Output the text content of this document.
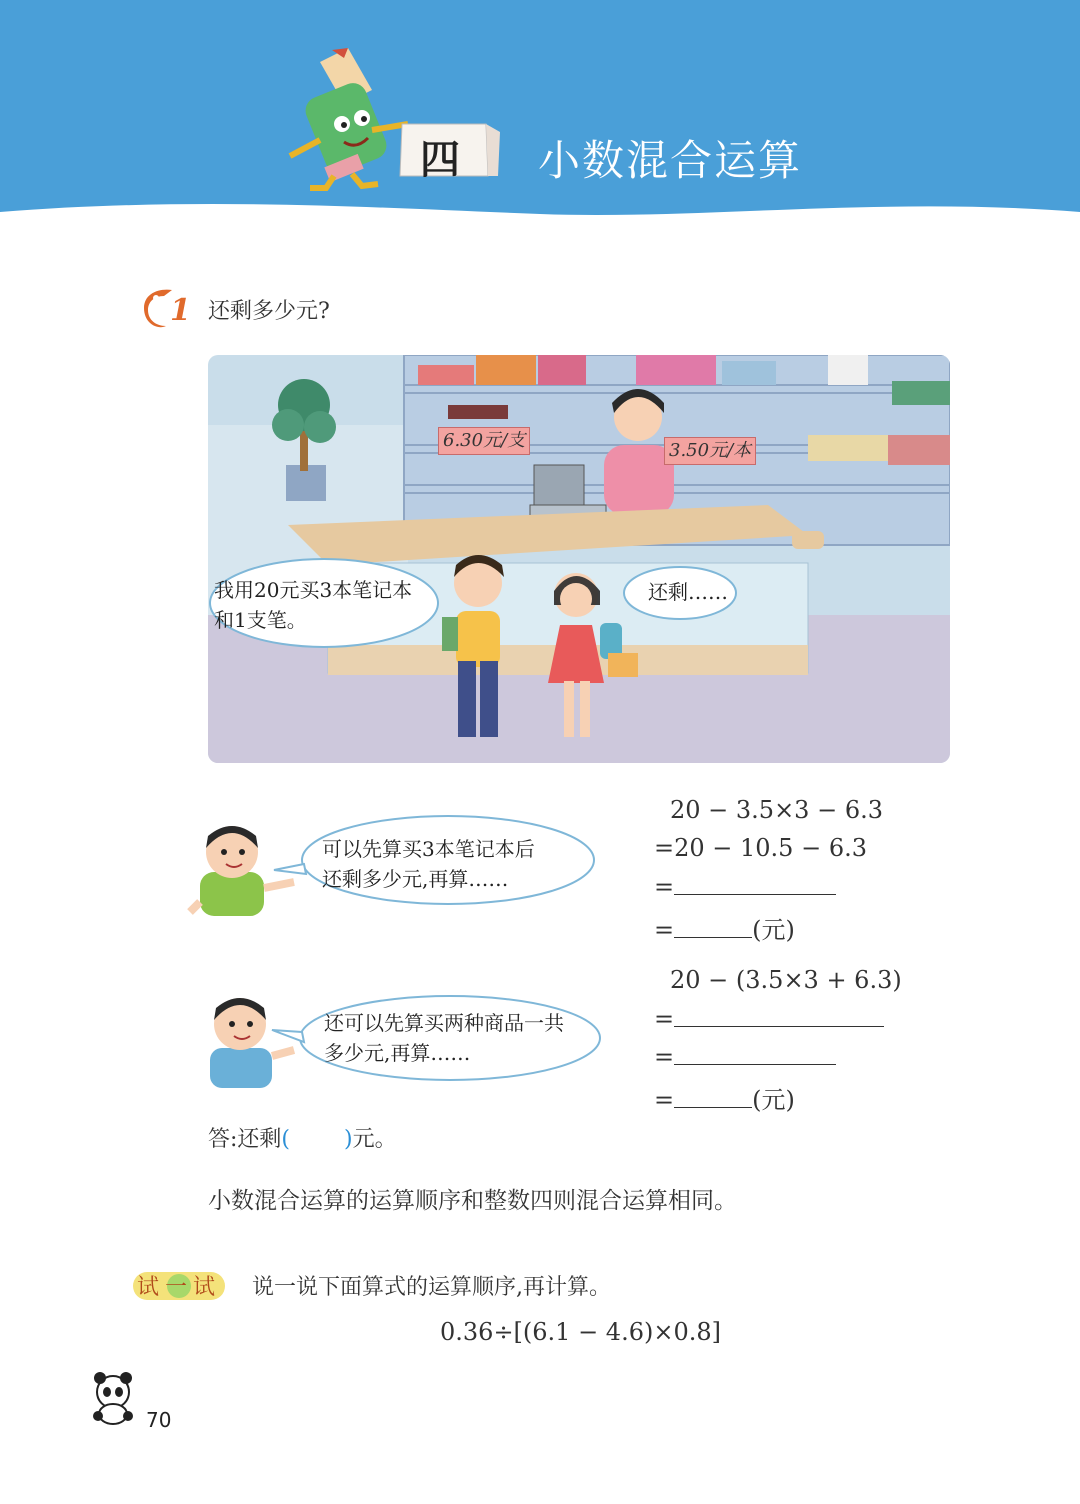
四 小数混合运算
1 还剩多少元?
6.30元/支	3.50元/本
我用20元买3本笔记本
和1支笔。
还剩……
可以先算买3本笔记本后
还剩多少元,再算……
20 − 3.5×3 − 6.3
=20 − 10.5 − 6.3
=
=	(元)
还可以先算买两种商品一共
多少元,再算……
20 − (3.5×3 + 6.3)
=
=
=	(元)
答:还剩( )元。
小数混合运算的运算顺序和整数四则混合运算相同。
试一试 说一说下面算式的运算顺序,再计算。
0.36÷[(6.1 − 4.6)×0.8]
70
